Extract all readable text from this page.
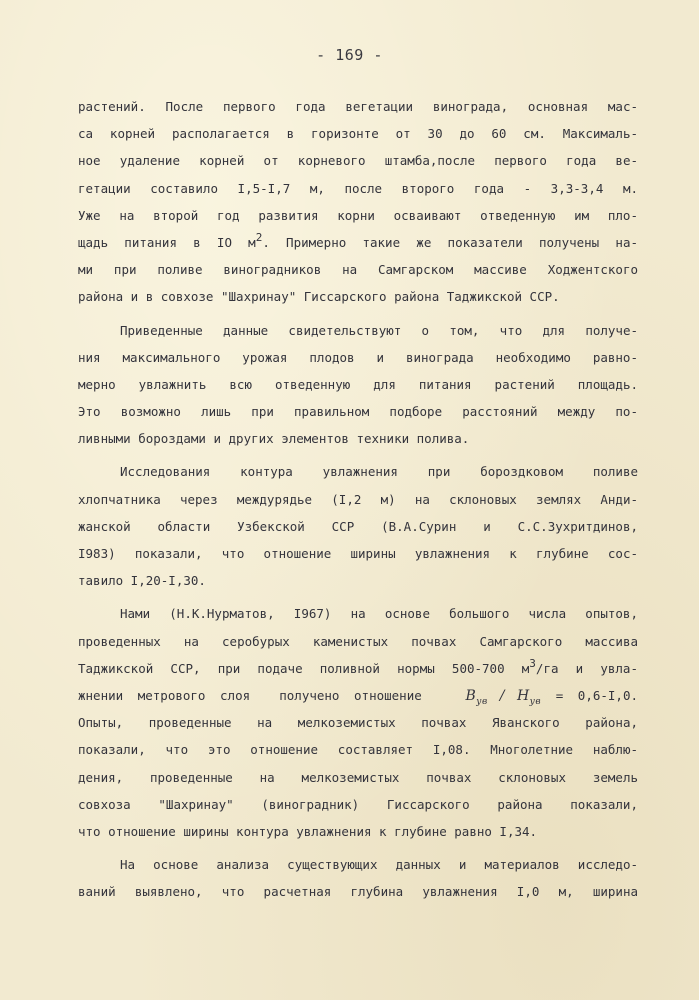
- 169 -
растений. После первого года вегетации винограда, основная мас-
са корней располагается в горизонте от 30 до 60 см. Максималь-
ное удаление корней от корневого штамба,после первого года ве-
гетации составило I,5-I,7 м, после второго года - 3,3-3,4 м.
Уже на второй год развития корни осваивают отведенную им пло-
щадь питания в IO м2. Примерно такие же показатели получены на-
ми при поливе виноградников на Самгарском массиве Ходжентского
района и в совхозе "Шахринау" Гиссарского района Таджикской ССР.
Приведенные данные свидетельствуют о том, что для получе-
ния максимального урожая плодов и винограда необходимо равно-
мерно увлажнить всю отведенную для питания растений площадь.
Это возможно лишь при правильном подборе расстояний между по-
ливными бороздами и других элементов техники полива.
Исследования контура увлажнения при бороздковом поливе
хлопчатника через междурядье (I,2 м) на склоновых землях Анди-
жанской области Узбекской ССР (В.А.Сурин и С.С.Зухритдинов,
I983) показали, что отношение ширины увлажнения к глубине сос-
тавило I,20-I,30.
Нами (Н.К.Нурматов, I967) на основе большого числа опытов,
проведенных на серобурых каменистых почвах Самгарского массива
Таджикской ССР, при подаче поливной нормы 500-700 м3/га и увла-
жнении метрового слоя  получено отношение	$B_{ув} / H_{ув} = 0,6-I,0$.
Опыты, проведенные на мелкоземистых почвах Яванского района,
показали, что это отношение составляет I,08. Многолетние наблю-
дения, проведенные на мелкоземистых почвах склоновых земель
совхоза "Шахринау" (виноградник) Гиссарского района показали,
что отношение ширины контура увлажнения к глубине равно I,34.
На основе анализа существующих данных и материалов исследо-
ваний выявлено, что расчетная глубина увлажнения I,0 м, ширина
